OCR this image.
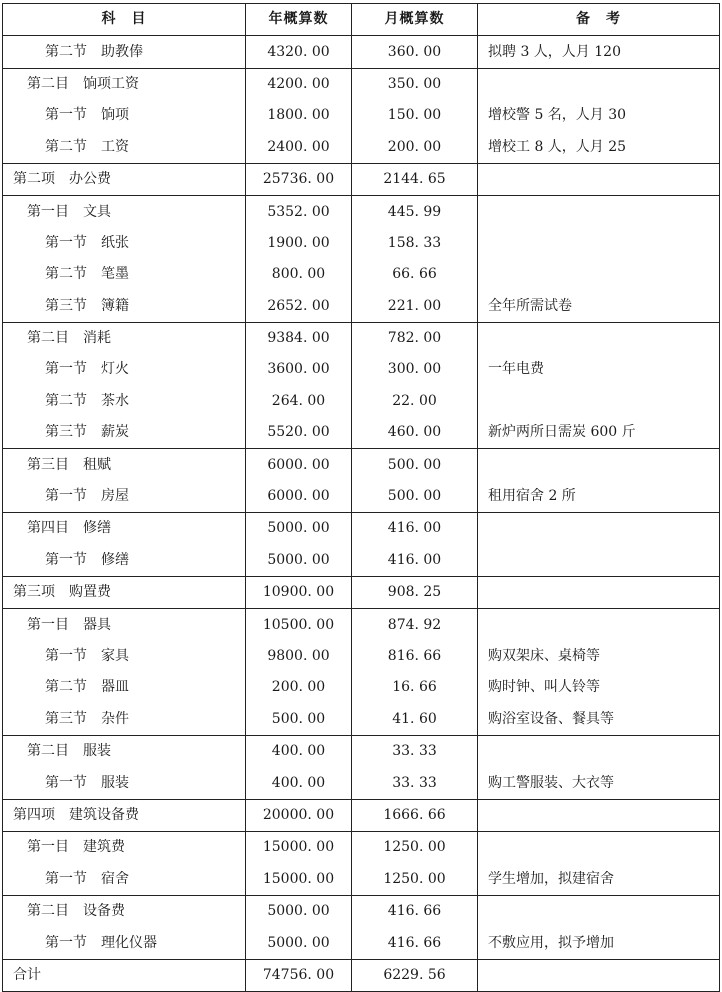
科　目	年概算数	月概算数	备　考
第二节　助教俸	4320. 00	360. 00	拟聘 3 人，人月 120
第二目　饷项工资	4200. 00	350. 00	
第一节　饷项	1800. 00	150. 00	增校警 5 名，人月 30
第二节　工资	2400. 00	200. 00	增校工 8 人，人月 25
第二项　办公费	25736. 00	2144. 65	
第一目　文具	5352. 00	445. 99	
第一节　纸张	1900. 00	158. 33	
第二节　笔墨	800. 00	66. 66	
第三节　簿籍	2652. 00	221. 00	全年所需试卷
第二目　消耗	9384. 00	782. 00	
第一节　灯火	3600. 00	300. 00	一年电费
第二节　茶水	264. 00	22. 00	
第三节　薪炭	5520. 00	460. 00	新炉两所日需炭 600 斤
第三目　租赋	6000. 00	500. 00	
第一节　房屋	6000. 00	500. 00	租用宿舍 2 所
第四目　修缮	5000. 00	416. 00	
第一节　修缮	5000. 00	416. 00	
第三项　购置费	10900. 00	908. 25	
第一目　器具	10500. 00	874. 92	
第一节　家具	9800. 00	816. 66	购双架床、桌椅等
第二节　器皿	200. 00	16. 66	购时钟、叫人铃等
第三节　杂件	500. 00	41. 60	购浴室设备、餐具等
第二目　服装	400. 00	33. 33	
第一节　服装	400. 00	33. 33	购工警服装、大衣等
第四项　建筑设备费	20000. 00	1666. 66	
第一目　建筑费	15000. 00	1250. 00	
第一节　宿舍	15000. 00	1250. 00	学生增加，拟建宿舍
第二目　设备费	5000. 00	416. 66	
第一节　理化仪器	5000. 00	416. 66	不敷应用，拟予增加
合计	74756. 00	6229. 56	
